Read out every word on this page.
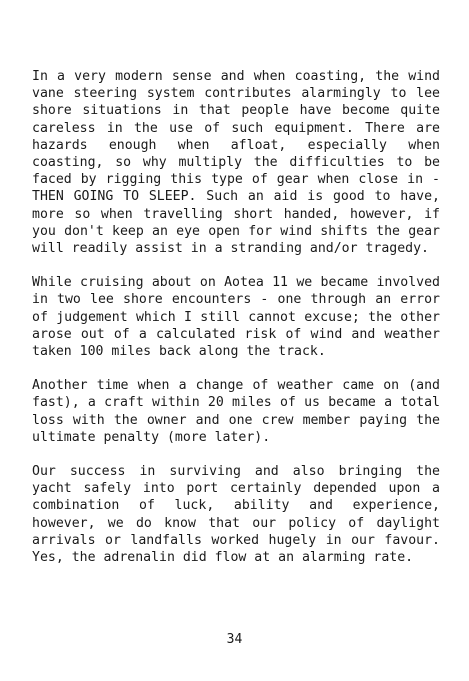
In a very modern sense and when coasting, the wind vane steering system contributes alarmingly to lee shore situations in that people have become quite careless in the use of such equipment. There are hazards enough when afloat, especially when coasting, so why multiply the difficulties to be faced by rigging this type of gear when close in - THEN GOING TO SLEEP. Such an aid is good to have, more so when travelling short handed, however, if you don't keep an eye open for wind shifts the gear will readily assist in a stranding and/or tragedy.

While cruising about on Aotea 11 we became involved in two lee shore encounters - one through an error of judgement which I still cannot excuse; the other arose out of a calculated risk of wind and weather taken 100 miles back along the track.

Another time when a change of weather came on (and fast), a craft within 20 miles of us became a total loss with the owner and one crew member paying the ultimate penalty (more later).

Our success in surviving and also bringing the yacht safely into port certainly depended upon a combination of luck, ability and experience, however, we do know that our policy of daylight arrivals or landfalls worked hugely in our favour. Yes, the adrenalin did flow at an alarming rate.

34
